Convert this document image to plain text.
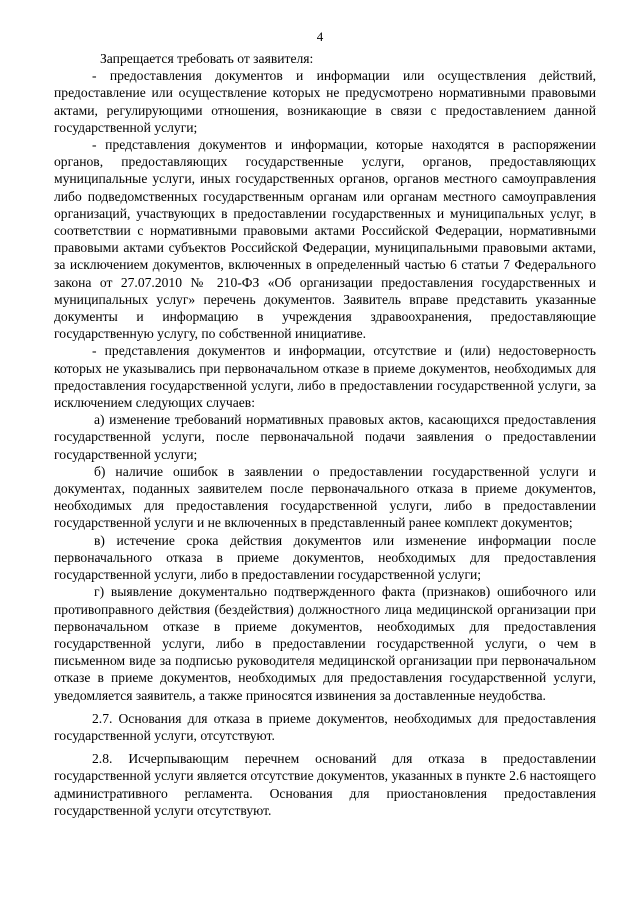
4

Запрещается требовать от заявителя:

- предоставления документов и информации или осуществления действий, предоставление или осуществление которых не предусмотрено нормативными правовыми актами, регулирующими отношения, возникающие в связи с предоставлением данной государственной услуги;

- представления документов и информации, которые находятся в распоряжении органов, предоставляющих государственные услуги, органов, предоставляющих муниципальные услуги, иных государственных органов, органов местного самоуправления либо подведомственных государственным органам или органам местного самоуправления организаций, участвующих в предоставлении государственных и муниципальных услуг, в соответствии с нормативными правовыми актами Российской Федерации, нормативными правовыми актами субъектов Российской Федерации, муниципальными правовыми актами, за исключением документов, включенных в определенный частью 6 статьи 7 Федерального закона от 27.07.2010 № 210-ФЗ «Об организации предоставления государственных и муниципальных услуг» перечень документов. Заявитель вправе представить указанные документы и информацию в учреждения здравоохранения, предоставляющие государственную услугу, по собственной инициативе.

- представления документов и информации, отсутствие и (или) недостоверность которых не указывались при первоначальном отказе в приеме документов, необходимых для предоставления государственной услуги, либо в предоставлении государственной услуги, за исключением следующих случаев:

а) изменение требований нормативных правовых актов, касающихся предоставления государственной услуги, после первоначальной подачи заявления о предоставлении государственной услуги;

б) наличие ошибок в заявлении о предоставлении государственной услуги и документах, поданных заявителем после первоначального отказа в приеме документов, необходимых для предоставления государственной услуги, либо в предоставлении государственной услуги и не включенных в представленный ранее комплект документов;

в) истечение срока действия документов или изменение информации после первоначального отказа в приеме документов, необходимых для предоставления государственной услуги, либо в предоставлении государственной услуги;

г) выявление документально подтвержденного факта (признаков) ошибочного или противоправного действия (бездействия) должностного лица медицинской организации при первоначальном отказе в приеме документов, необходимых для предоставления государственной услуги, либо в предоставлении государственной услуги, о чем в письменном виде за подписью руководителя медицинской организации при первоначальном отказе в приеме документов, необходимых для предоставления государственной услуги, уведомляется заявитель, а также приносятся извинения за доставленные неудобства.

2.7. Основания для отказа в приеме документов, необходимых для предоставления государственной услуги, отсутствуют.

2.8. Исчерпывающим перечнем оснований для отказа в предоставлении государственной услуги является отсутствие документов, указанных в пункте 2.6 настоящего административного регламента. Основания для приостановления предоставления государственной услуги отсутствуют.
